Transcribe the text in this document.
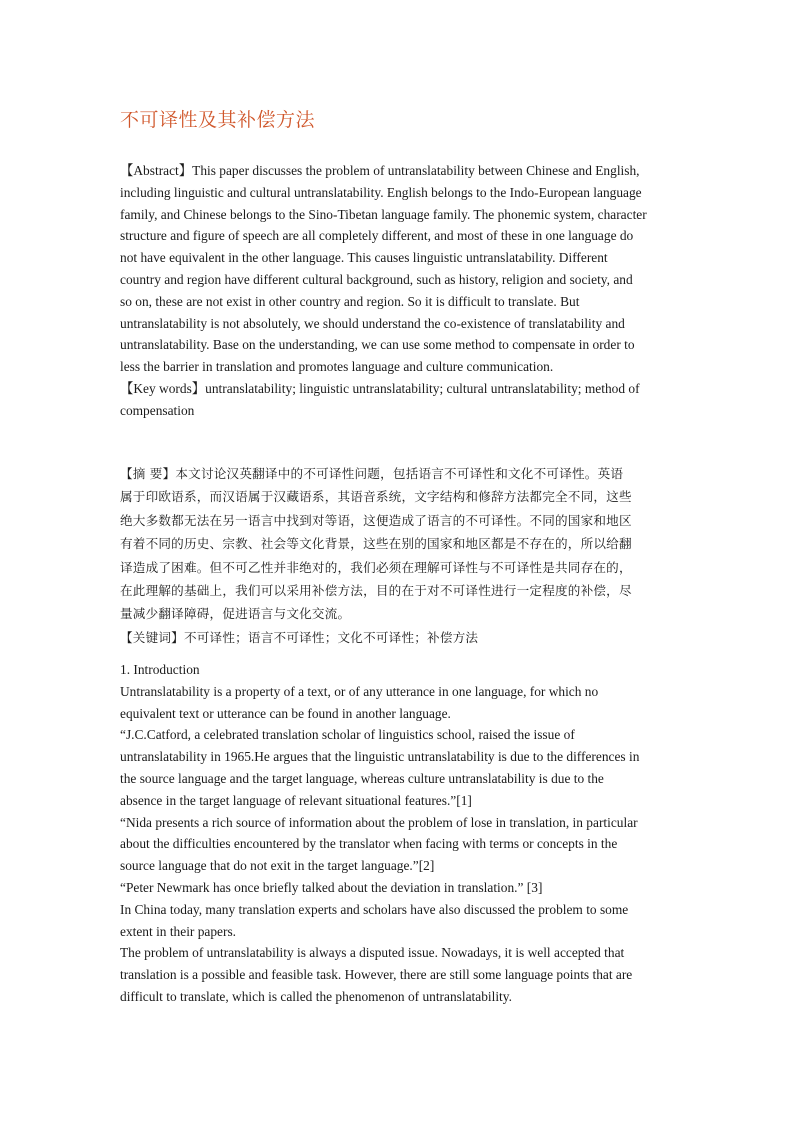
不可译性及其补偿方法
【Abstract】This paper discusses the problem of untranslatability between Chinese and English,
including linguistic and cultural untranslatability. English belongs to the Indo-European language
family, and Chinese belongs to the Sino-Tibetan language family. The phonemic system, character
structure and figure of speech are all completely different, and most of these in one language do
not have equivalent in the other language. This causes linguistic untranslatability. Different
country and region have different cultural background, such as history, religion and society, and
so on, these are not exist in other country and region. So it is difficult to translate. But
untranslatability is not absolutely, we should understand the co-existence of translatability and
untranslatability. Base on the understanding, we can use some method to compensate in order to
less the barrier in translation and promotes language and culture communication.
【Key words】untranslatability; linguistic untranslatability; cultural untranslatability; method of
compensation
【摘 要】本文讨论汉英翻译中的不可译性问题，包括语言不可译性和文化不可译性。英语
属于印欧语系，而汉语属于汉藏语系，其语音系统，文字结构和修辞方法都完全不同，这些
绝大多数都无法在另一语言中找到对等语，这便造成了语言的不可译性。不同的国家和地区
有着不同的历史、宗教、社会等文化背景，这些在别的国家和地区都是不存在的，所以给翻
译造成了困难。但不可乙性并非绝对的，我们必须在理解可译性与不可译性是共同存在的，
在此理解的基础上，我们可以采用补偿方法，目的在于对不可译性进行一定程度的补偿，尽
量减少翻译障碍，促进语言与文化交流。
【关键词】不可译性；语言不可译性；文化不可译性；补偿方法
1. Introduction
Untranslatability is a property of a text, or of any utterance in one language, for which no
equivalent text or utterance can be found in another language.
“J.C.Catford, a celebrated translation scholar of linguistics school, raised the issue of
untranslatability in 1965.He argues that the linguistic untranslatability is due to the differences in
the source language and the target language, whereas culture untranslatability is due to the
absence in the target language of relevant situational features.”[1]
“Nida presents a rich source of information about the problem of lose in translation, in particular
about the difficulties encountered by the translator when facing with terms or concepts in the
source language that do not exit in the target language.”[2]
“Peter Newmark has once briefly talked about the deviation in translation.” [3]
In China today, many translation experts and scholars have also discussed the problem to some
extent in their papers.
The problem of untranslatability is always a disputed issue. Nowadays, it is well accepted that
translation is a possible and feasible task. However, there are still some language points that are
difficult to translate, which is called the phenomenon of untranslatability.
